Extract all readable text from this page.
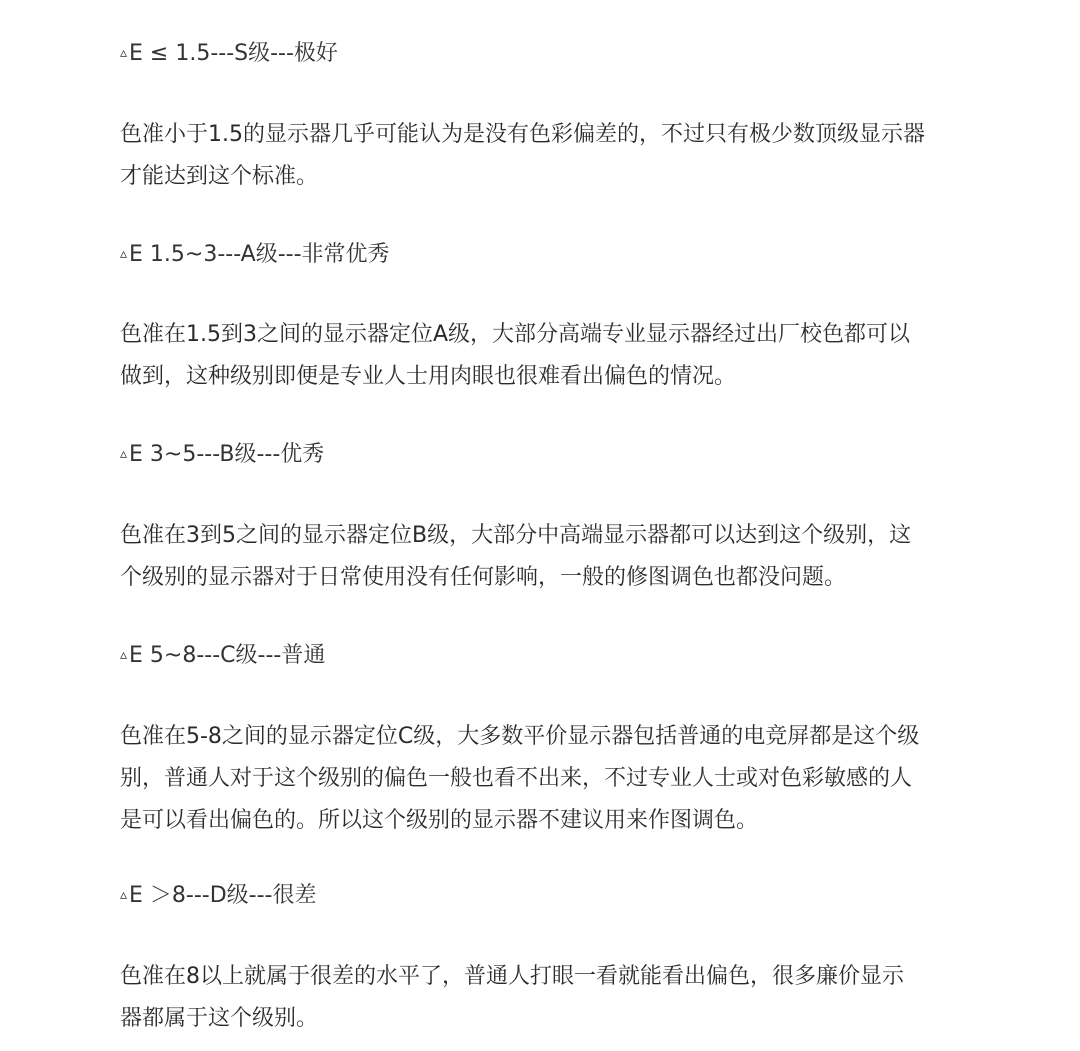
▵E ≤ 1.5---S级---极好
色准小于1.5的显示器几乎可能认为是没有色彩偏差的，不过只有极少数顶级显示器
才能达到这个标准。
▵E 1.5~3---A级---非常优秀
色准在1.5到3之间的显示器定位A级，大部分高端专业显示器经过出厂校色都可以
做到，这种级别即便是专业人士用肉眼也很难看出偏色的情况。
▵E 3~5---B级---优秀
色准在3到5之间的显示器定位B级，大部分中高端显示器都可以达到这个级别，这
个级别的显示器对于日常使用没有任何影响，一般的修图调色也都没问题。
▵E 5~8---C级---普通
色准在5-8之间的显示器定位C级，大多数平价显示器包括普通的电竞屏都是这个级
别，普通人对于这个级别的偏色一般也看不出来，不过专业人士或对色彩敏感的人
是可以看出偏色的。所以这个级别的显示器不建议用来作图调色。
▵E ＞8---D级---很差
色准在8以上就属于很差的水平了，普通人打眼一看就能看出偏色，很多廉价显示
器都属于这个级别。
